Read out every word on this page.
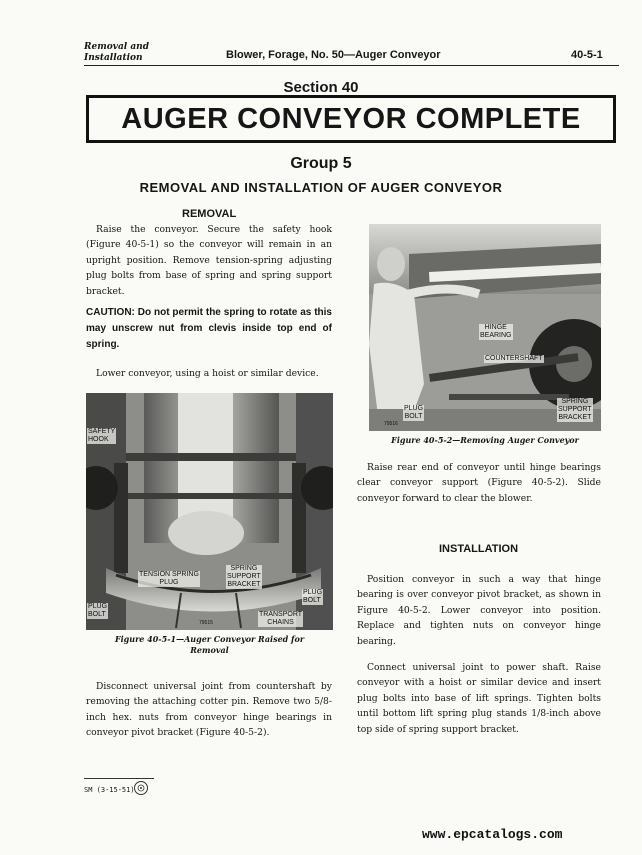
Removal and
Installation	Blower, Forage, No. 50—Auger Conveyor	40-5-1
Section 40
AUGER CONVEYOR COMPLETE
Group 5
REMOVAL AND INSTALLATION OF AUGER CONVEYOR
REMOVAL
Raise the conveyor. Secure the safety hook (Figure 40-5-1) so the conveyor will remain in an upright position. Remove tension-spring adjusting plug bolts from base of spring and spring support bracket.
CAUTION: Do not permit the spring to rotate as this may unscrew nut from clevis inside top end of spring.
Lower conveyor, using a hoist or similar device.
SAFETY
HOOK
TENSION SPRING
PLUG
SPRING
SUPPORT
BRACKET
PLUG
BOLT
PLUG
BOLT
TRANSPORT
CHAINS
79515
Figure 40-5-1—Auger Conveyor Raised for
Removal
Disconnect universal joint from countershaft by removing the attaching cotter pin. Remove two 5/8-inch hex. nuts from conveyor hinge bearings in conveyor pivot bracket (Figure 40-5-2).
HINGE
BEARING
COUNTERSHAFT
PLUG
BOLT
SPRING
SUPPORT
BRACKET
79516
Figure 40-5-2—Removing Auger Conveyor
Raise rear end of conveyor until hinge bearings clear conveyor support (Figure 40-5-2). Slide conveyor forward to clear the blower.
INSTALLATION
Position conveyor in such a way that hinge bearing is over conveyor pivot bracket, as shown in Figure 40-5-2. Lower conveyor into position. Replace and tighten nuts on conveyor hinge bearing.
Connect universal joint to power shaft. Raise conveyor with a hoist or similar device and insert plug bolts into base of lift springs. Tighten bolts until bottom lift spring plug stands 1/8-inch above top side of spring support bracket.
SM (3-15-51)
www.epcatalogs.com
